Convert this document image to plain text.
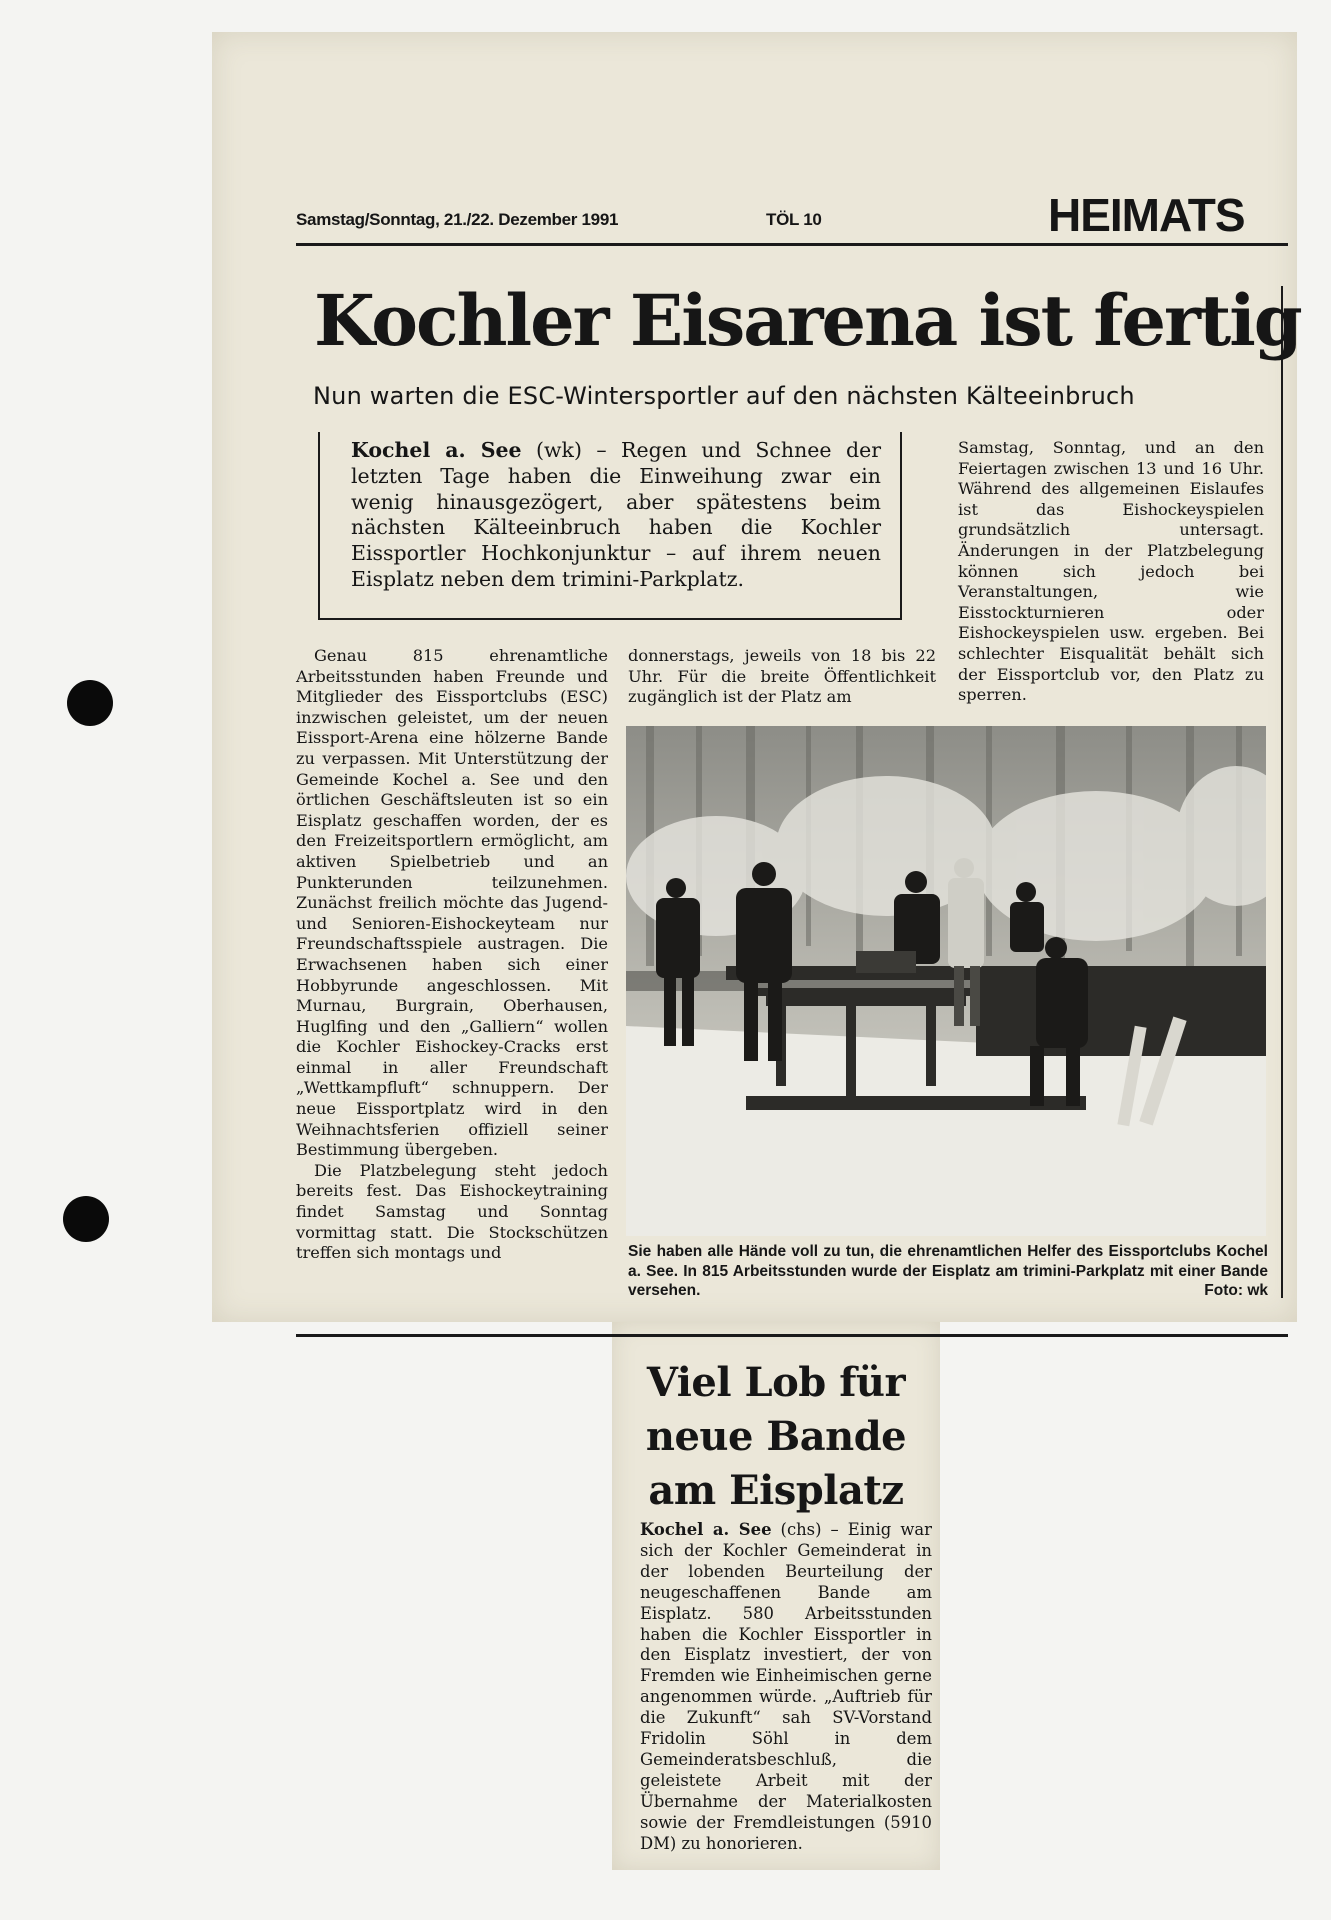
Samstag/Sonntag, 21./22. Dezember 1991	TÖL 10	HEIMATS
Kochler Eisarena ist fertig
Nun warten die ESC-Wintersportler auf den nächsten Kälteeinbruch

Kochel a. See (wk) – Regen und Schnee der letzten Tage haben die Einweihung zwar ein wenig hinausgezögert, aber spätestens beim nächsten Kälteeinbruch haben die Kochler Eissportler Hochkonjunktur – auf ihrem neuen Eisplatz neben dem trimini-Parkplatz.

Samstag, Sonntag, und an den Feiertagen zwischen 13 und 16 Uhr. Während des allgemeinen Eislaufes ist das Eishockeyspielen grundsätzlich untersagt. Änderungen in der Platzbelegung können sich jedoch bei Veranstaltungen, wie Eisstockturnieren oder Eishockeyspielen usw. ergeben. Bei schlechter Eisqualität behält sich der Eissportclub vor, den Platz zu sperren.

Genau 815 ehrenamtliche Arbeitsstunden haben Freunde und Mitglieder des Eissportclubs (ESC) inzwischen geleistet, um der neuen Eissport-Arena eine hölzerne Bande zu verpassen. Mit Unterstützung der Gemeinde Kochel a. See und den örtlichen Geschäftsleuten ist so ein Eisplatz geschaffen worden, der es den Freizeitsportlern ermöglicht, am aktiven Spielbetrieb und an Punkterunden teilzunehmen. Zunächst freilich möchte das Jugend- und Senioren-Eishockeyteam nur Freundschaftsspiele austragen. Die Erwachsenen haben sich einer Hobbyrunde angeschlossen. Mit Murnau, Burgrain, Oberhausen, Huglfing und den „Galliern“ wollen die Kochler Eishockey-Cracks erst einmal in aller Freundschaft „Wettkampfluft“ schnuppern. Der neue Eissportplatz wird in den Weihnachtsferien offiziell seiner Bestimmung übergeben.

Die Platzbelegung steht jedoch bereits fest. Das Eishockeytraining findet Samstag und Sonntag vormittag statt. Die Stockschützen treffen sich montags und

donnerstags, jeweils von 18 bis 22 Uhr. Für die breite Öffentlichkeit zugänglich ist der Platz am

Sie haben alle Hände voll zu tun, die ehrenamtlichen Helfer des Eissportclubs Kochel a. See. In 815 Arbeitsstunden wurde der Eisplatz am trimini-Parkplatz mit einer Bande versehen.	Foto: wk

Viel Lob für neue Bande am Eisplatz

Kochel a. See (chs) – Einig war sich der Kochler Gemeinderat in der lobenden Beurteilung der neugeschaffenen Bande am Eisplatz. 580 Arbeitsstunden haben die Kochler Eissportler in den Eisplatz investiert, der von Fremden wie Einheimischen gerne angenommen würde. „Auftrieb für die Zukunft“ sah SV-Vorstand Fridolin Söhl in dem Gemeinderatsbeschluß, die geleistete Arbeit mit der Übernahme der Materialkosten sowie der Fremdleistungen (5910 DM) zu honorieren.
